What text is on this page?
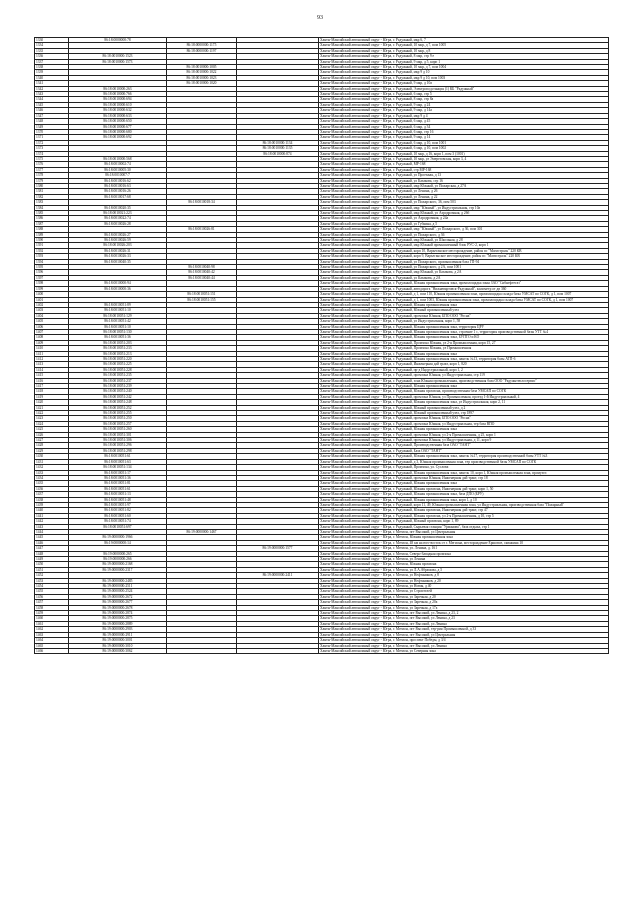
93
1330	86:18:0000000:78			Ханты-Мансийский автономный округ - Югра, г. Радужный, мкр 6, 7
1334		86:18:0000000:1175		Ханты-Мансийский автономный округ - Югра, г. Радужный, 10 мкр, д 7, пом 1005
1335		86:18:0000000:1197		Ханты-Мансийский автономный округ - Югра, г. Радужный, 10 мкр, д 8
1336	86:18:0010000:1523			Ханты-Мансийский автономный округ - Югра, г. Радужный, 8 мкр, стр 9 е
1337	86:18:0010000:1573			Ханты-Мансийский автономный округ - Югра, г. Радужный, 9 мкр, д 5, корп 1
1338		86:18:0010000:1005		Ханты-Мансийский автономный округ - Югра, г. Радужный, 10 мкр, д 7, пом 1004
1339		86:18:0010000:1022		Ханты-Мансийский автономный округ - Югра, г. Радужный, мкр 9 д 10
1340		86:18:0010000:1023		Ханты-Мансийский автономный округ - Югра, г. Радужный, мкр 9 д 10, пом 1003
1341		86:18:0010000:1020		Ханты-Мансийский автономный округ - Югра, г. Радужный, 9 мкр, д 10а
1342	86:18:0010000:263			Ханты-Мансийский автономный округ - Югра, г. Радужный, Электроподстанция (1) КБ "Радужный"
1343	86:18:0010000:766			Ханты-Мансийский автономный округ - Югра, г. Радужный, 6 мкр, стр 5
1344	86:18:0010000:694			Ханты-Мансийский автономный округ - Югра, г. Радужный, 8 мкр, стр 8а
1345	86:18:0010000:610			Ханты-Мансийский автономный округ - Югра, г. Радужный, 9 мкр, д 24
1346	86:18:0010000:632			Ханты-Мансийский автономный округ - Югра, г. Радужный, 9 мкр, д 14а
1347	86:18:0010000:633			Ханты-Мансийский автономный округ - Югра, г. Радужный, мкр 9 д 4
1348	86:18:0010000:650			Ханты-Мансийский автономный округ - Югра, г. Радужный, 6 мкр, д 45
1349	86:18:0010000:677			Ханты-Мансийский автономный округ - Югра, г. Радужный, 6 мкр, д 34
1370	86:18:0010000:680			Ханты-Мансийский автономный округ - Югра, г. Радужный, 6 мкр, стр 16
1371	86:18:0010000:692			Ханты-Мансийский автономный округ - Югра, г. Радужный, 9 мкр, д 14
1372			86:18:0010000:1134	Ханты-Мансийский автономный округ - Югра, г. Радужный, 6 мкр, д 10, пом 1001
1373			86:18:0010000:1135	Ханты-Мансийский автономный округ - Югра, г. Радужный, 6 мкр, д 10, пом 1002
1374			86:18:0010000:874	Ханты-Мансийский автономный округ - Югра, г. Радужный, 10 мкр, д 16, корп 1, пом 3 (1001)
1375	86:18:0010000:568			Ханты-Мансийский автономный округ - Югра, г. Радужный, 10 мкр, ул Эмереговская, корп 3, 4
1376	86:18:0010002:74			Ханты-Мансийский автономный округ - Югра, г. Радужный, МР-168
1377	86:18:0010005:30			Ханты-Мансийский автономный округ - Югра, г. Радужный, стр МР-168
1378	86:18:0010007:7			Ханты-Мансийский автономный округ - Югра, г. Радужный, ул Проезжая, д 13
1379	86:18:0010016:62			Ханты-Мансийский автономный округ - Югра, г. Радужный, ул Казакова, стр 16
1380	86:18:0010016:63			Ханты-Мансийский автономный округ - Югра, г. Радужный, мкр Южный, ул Пожарская, д 27А
1381	86:18:0010016:26			Ханты-Мансийский автономный округ - Югра, г. Радужный, ул Ленина, д 26
1382	86:18:0010017:68			Ханты-Мансийский автономный округ - Югра, г. Радужный, ул Ленина, д 22
1383		86:18:0010018:34		Ханты-Мансийский автономный округ - Югра, г. Радужный, ул Пожарского, 36, пом 503
1384	86:18:0010020:35			Ханты-Мансийский автономный округ - Югра, г. Радужный, мкр "Южный", ул Индустриальная, стр 10а
1385	86:18:0010021:223			Ханты-Мансийский автономный округ - Югра, г. Радужный, мкр Южный, ул Аэродромная, д 26б
1386	86:18:0010022:74			Ханты-Мансийский автономный округ - Югра, г. Радужный, ул Аэродромная, д 24а
1387	86:18:0010026:28			Ханты-Мансийский автономный округ - Югра, г. Радужный, ул Губкина, д 5
1388		86:18:0010026:81		Ханты-Мансийский автономный округ - Югра, г. Радужный, мкр "Южный", ул Пожарского, д 36, пом 301
1389	86:18:0010026:27			Ханты-Мансийский автономный округ - Югра, г. Радужный, ул Пожарского, д 36
1390	86:18:0010026:59			Ханты-Мансийский автономный округ - Югра, г. Радужный, мкр Южный, ул Школьная, д 28
1391	86:18:0010026:203			Ханты-Мансийский автономный округ - Югра, г. Радужный, мкр Южный промышленный блок РУС-2, корп 1
1392	86:18:0010026:31			Ханты-Мансийский автономный округ - Югра, г. Радужный, корп 10, Варьеганское месторождение, район пс "Магистраль" 220 КВ
1393	86:18:0010026:33			Ханты-Мансийский автономный округ - Югра, г. Радужный, корп 9, Варьеганское месторождение, район пс "Магистраль" 220 КВ
1394	86:18:0010040:35			Ханты-Мансийский автономный округ - Югра, г. Радужный, ул Пожарского, промышленная база ГП-94
1395		86:18:0010040:98		Ханты-Мансийский автономный округ - Югра, г. Радужный, ул Пожарского, д 2А, пом 1001
1396		86:18:0010040:42		Ханты-Мансийский автономный округ - Югра, г. Радужный, мкр Южный, ул Казакова, д 2А
1397		86:18:0010040:44		Ханты-Мансийский автономный округ - Югра, г. Радужный, ул Казакова, д 2А
1398	86:18:0010000:94			Ханты-Мансийский автономный округ - Югра, г. Радужный, Южная промышленная зона, промплощадка зоны ЗАО "Сибнефтегаз"
1399	86:18:0010000:36			Ханты-Мансийский автономный округ - Югра, г. Радужный, автодорога "Нижневартовск-Радужный", километр от дв 360
1400		86:18:0010051:151		Ханты-Мансийский автономный округ - Югра, г. Радужный, д 1, пом 110, Южная промышленная зона, промплощадка склада базы УМСАТ по СОГК, д 1, пом 1007
1401		86:18:0010051:155		Ханты-Мансийский автономный округ - Югра, г. Радужный, д 1, пом 1003, Южная промышленная зона, промплощадка склада базы УМСАТ по СОГК, д 1, пом 1007
1402	86:18:0010051:89			Ханты-Мансийский автономный округ - Югра, г. Радужный, Южная промышленная зона
1403	86:18:0010051:10			Ханты-Мансийский автономный округ - Югра, г. Радужный, Южный промышленный узел
1404	86:18:0010051:129			Ханты-Мансийский автономный округ - Югра, г. Радужный, промзона Южная, БПО ООО "Росна"
1405	86:18:0010051:42			Ханты-Мансийский автономный округ - Югра, г. Радужный, ул Индустриальная, корп 1, 58
1406	86:18:0010051:10			Ханты-Мансийский автономный округ - Югра, г. Радужный, Южная промышленная зона, территория ЦРУ
1407	86:18:0010051:130			Ханты-Мансийский автономный округ - Югра, г. Радужный, Южная промышленная зона, строение 1 с, территория производственной базы УТТ №4
1408	86:18:0010051:36			Ханты-Мансийский автономный округ - Югра, г. Радужный, Южная промышленная зона, БУПТО и КО
1409	86:18:0010051:203			Ханты-Мансийский автономный округ - Югра, г. Радужный, Промзона Южная, ул 2-я Промышленная, корп 15, 27
1410	86:18:0010051:233			Ханты-Мансийский автономный округ - Югра, г. Радужный, Промзона Южная, ул Промышленная
1411	86:18:0010051:213			Ханты-Мансийский автономный округ - Югра, г. Радужный, Южная промышленная зона
1412	86:18:0010051:220			Ханты-Мансийский автономный округ - Югра, г. Радужный, Южная промышленная зона, панель №13, территория базы АТП-6
1413	86:18:0010051:225			Ханты-Мансийский автономный округ - Югра, г. Радужный, Инженерная дай тракт, корп 1, 820
1414	86:18:0010051:228			Ханты-Мансийский автономный округ - Югра, г. Радужный, пр-д Индустриальный, корп 1, 2
1415	86:18:0010051:235			Ханты-Мансийский автономный округ - Югра, г. Радужный, промзона Южная, ул Индустриальная, стр 119
1416	86:18:0010051:237			Ханты-Мансийский автономный округ - Югра, г. Радужный, зона Южная промышленная, производственная база ООО "Радужнтеплосервис"
1417	86:18:0010051:239			Ханты-Мансийский автономный округ - Югра, г. Радужный, Южная промышленная зона
1418	86:18:0010051:240			Ханты-Мансийский автономный округ - Югра, г. Радужный, Южная промзона, производственная база УМСАП по СОГК
1419	86:18:0010051:242			Ханты-Мансийский автономный округ - Югра, г. Радужный, промзона Южная, ул Промышленная, проезд 1-й Индустриальный, 4
1420	86:18:0010051:248			Ханты-Мансийский автономный округ - Югра, г. Радужный, Южная промышленная зона, ул Индустриальная, корп 2, 11
1421	86:18:0010051:252			Ханты-Мансийский автономный округ - Югра, г. Радужный, Южный промышленный узел, д 2
1422	86:18:0010051:255			Ханты-Мансийский автономный округ - Югра, г. Радужный, Южный промышленный узел, стр 1897
1423	86:18:0010051:250			Ханты-Мансийский автономный округ - Югра, г. Радужный, промзона Южная, БПО ООО "Росна"
1424	86:18:0010051:257			Ханты-Мансийский автономный округ - Югра, г. Радужный, промзона Южная, ул Индустриальная, тер база ВПО
1425	86:18:0010051:260			Ханты-Мансийский автономный округ - Югра, г. Радужный, Южная промышленная зона
1426	86:18:0010051:301			Ханты-Мансийский автономный округ - Югра, г. Радужный, промзона Южная, ул 2-я Промышленная, д 25, корп 1
1427	86:18:0010051:306			Ханты-Мансийский автономный округ - Югра, г. Радужный, промзона Южная, ул Индустриальная, д 11, корп 9
1428	86:18:0010051:296			Ханты-Мансийский автономный округ - Югра, г. Радужный, Производственная база ОАО "ТАНТ"
1429	86:18:0010051:298			Ханты-Мансийский автономный округ - Югра, г. Радужный, База ОАО "ТАНТ"
1430	86:18:0010051:61			Ханты-Мансийский автономный округ - Югра, г. Радужный, Южная промышленная зона, панель №17, территория производственной базы УТТ №3
1431	86:18:0010051:63			Ханты-Мансийский автономный округ - Югра, г. Радужный, д 3, Южная промышленная зона, тер производственной базы УМСАП по СОГК
1432	86:18:0010051:134			Ханты-Мансийский автономный округ - Югра, г. Радужный, Промзона, ул. Суслова
1433	86:18:0010051:17			Ханты-Мансийский автономный округ - Югра, г. Радужный, Южная промышленная зона, панель 10, корп 1, Южная промышленная зона, промузел
1434	86:18:0010051:36			Ханты-Мансийский автономный округ - Югра, г. Радужный, промзона Южная, Инженерная дай тракт, стр 18
1435	86:18:0010051:81			Ханты-Мансийский автономный округ - Югра, г. Радужный, Южная промышленная зона
1436	86:18:0010051:61			Ханты-Мансийский автономный округ - Югра, г. Радужный, Южная промзона, Инженерная дай тракт, корп 1, 50
1437	86:18:0010051:13			Ханты-Мансийский автономный округ - Югра, г. Радужный, Южная промышленная зона, база ДПО (БРУ)
1438	86:18:0010051:48			Ханты-Мансийский автономный округ - Югра, г. Радужный, Южная промышленная зона, корп 1, д 10
1439	86:18:0010051:97			Ханты-Мансийский автономный округ - Югра, г. Радужный, корп 11, 49, Южная промышленная зона, ул Индустриальная, производственная база "Пожарный"
1440	86:18:0010051:82			Ханты-Мансийский автономный округ - Югра, г. Радужный, Южная промзона, Инженерная дай тракт, стр 47
1441	86:18:0010051:60			Ханты-Мансийский автономный округ - Югра, г. Радужный, Южная промзона, ул 2-я Промышленная, д 10, стр 5
1442	86:18:0010051:74			Ханты-Мансийский автономный округ - Югра, г. Радужный, Южный промзона, корп 1, 89
1443	86:18:0010051:697			Ханты-Мансийский автономный округ - Югра, г. Радужный, Сырьевая станция "Урманова", база отдыха, стр 1
1444		86:19:0000000:1467		Ханты-Мансийский автономный округ - Югра, г. Мегион, пгт Высокий, ул Центральная
1445	86:19:0000000:1966			Ханты-Мансийский автономный округ - Югра, г. Мегион, Южная промышленная зона
1446	86:19:0000000:14			Ханты-Мансийский автономный округ - Югра, г. Мегион, 48 км на юго-восток от г. Мегиона, месторождение Ершовое, скважина 10
1447			86:19:0000000:1577	Ханты-Мансийский автономный округ - Югра, г. Мегион, ул. Ленина, д. 161
1448	86:19:0000000:265			Ханты-Мансийский автономный округ - Югра, г. Мегион, Северо-Западная промзона
1449	86:19:0000000:266			Ханты-Мансийский автономный округ - Югра, г. Мегион, ул Ленина
1450	86:19:0000000:2168			Ханты-Мансийский автономный округ - Югра, г. Мегион, Южная промзона
1451	86:19:0000000:2317			Ханты-Мансийский автономный округ - Югра, г. Мегион, ул Л.А.Абрамова, д 5
1452			86:19:0000000:2411	Ханты-Мансийский автономный округ - Югра, г. Мегион, ул Нефтяников, д 8
1453	86:19:0000000:2485			Ханты-Мансийский автономный округ - Югра, г. Мегион, ул Нефтяников, д 20
1454	86:19:0000000:2511			Ханты-Мансийский автономный округ - Югра, г. Мегион, ул Новая, д 40
1455	86:19:0000000:2524			Ханты-Мансийский автономный округ - Югра, г. Мегион, ул Строителей
1456	86:19:0000000:2672			Ханты-Мансийский автономный округ - Югра, г. Мегион, ул Заречная, д 20
1457	86:19:0000000:2677			Ханты-Мансийский автономный округ - Югра, г. Мегион, ул Заречная, д 20а
1458	86:19:0000000:2678			Ханты-Мансийский автономный округ - Югра, г. Мегион, ул Заречная, д 17а
1459	86:19:0000000:2874			Ханты-Мансийский автономный округ - Югра, г. Мегион, пгт Высокий, ул Ленина, д 23, 2
1460	86:19:0000000:2875			Ханты-Мансийский автономный округ - Югра, г. Мегион, пгт Высокий, ул Ленина, д 23
1461	86:19:0000000:2889			Ханты-Мансийский автономный округ - Югра, г. Мегион, пгт Высокий, ул Ленина
1462	86:19:0000000:2903			Ханты-Мансийский автономный округ - Югра, г. Мегион, пгт Высокий, тер-рия Промышленной, д 33
1463	86:19:0000000:2911			Ханты-Мансийский автономный округ - Югра, г. Мегион, пгт Высокий, ул Центральная
1464	86:19:0000000:3001			Ханты-Мансийский автономный округ - Югра, г. Мегион, проспект Победы, д 3/4
1465	86:19:0000000:3010			Ханты-Мансийский автономный округ - Югра, г. Мегион, пгт Высокий, ул Ленина
1466	86:19:0000000:3062			Ханты-Мансийский автономный округ - Югра, г. Мегион, ул Северная зона
